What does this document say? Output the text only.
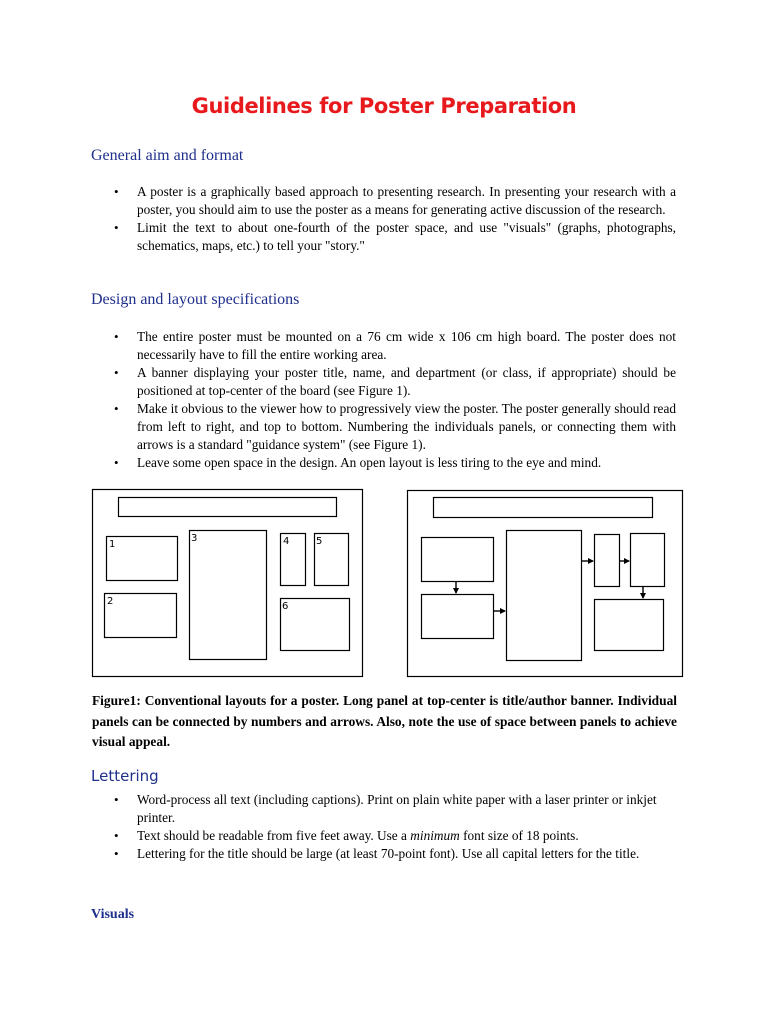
Guidelines for Poster Preparation
General aim and format
• A poster is a graphically based approach to presenting research. In presenting your research with a poster, you should aim to use the poster as a means for generating active discussion of the research.
• Limit the text to about one-fourth of the poster space, and use "visuals" (graphs, photographs, schematics, maps, etc.) to tell your "story."
Design and layout specifications
• The entire poster must be mounted on a 76 cm wide x 106 cm high board. The poster does not necessarily have to fill the entire working area.
• A banner displaying your poster title, name, and department (or class, if appropriate) should be positioned at top-center of the board (see Figure 1).
• Make it obvious to the viewer how to progressively view the poster. The poster generally should read from left to right, and top to bottom. Numbering the individuals panels, or connecting them with arrows is a standard "guidance system" (see Figure 1).
• Leave some open space in the design. An open layout is less tiring to the eye and mind.
1
2
3	4	5
6
Figure1: Conventional layouts for a poster. Long panel at top-center is title/author banner. Individual panels can be connected by numbers and arrows. Also, note the use of space between panels to achieve visual appeal.
Lettering
• Word-process all text (including captions). Print on plain white paper with a laser printer or inkjet printer.
• Text should be readable from five feet away. Use a minimum font size of 18 points.
• Lettering for the title should be large (at least 70-point font). Use all capital letters for the title.
Visuals
